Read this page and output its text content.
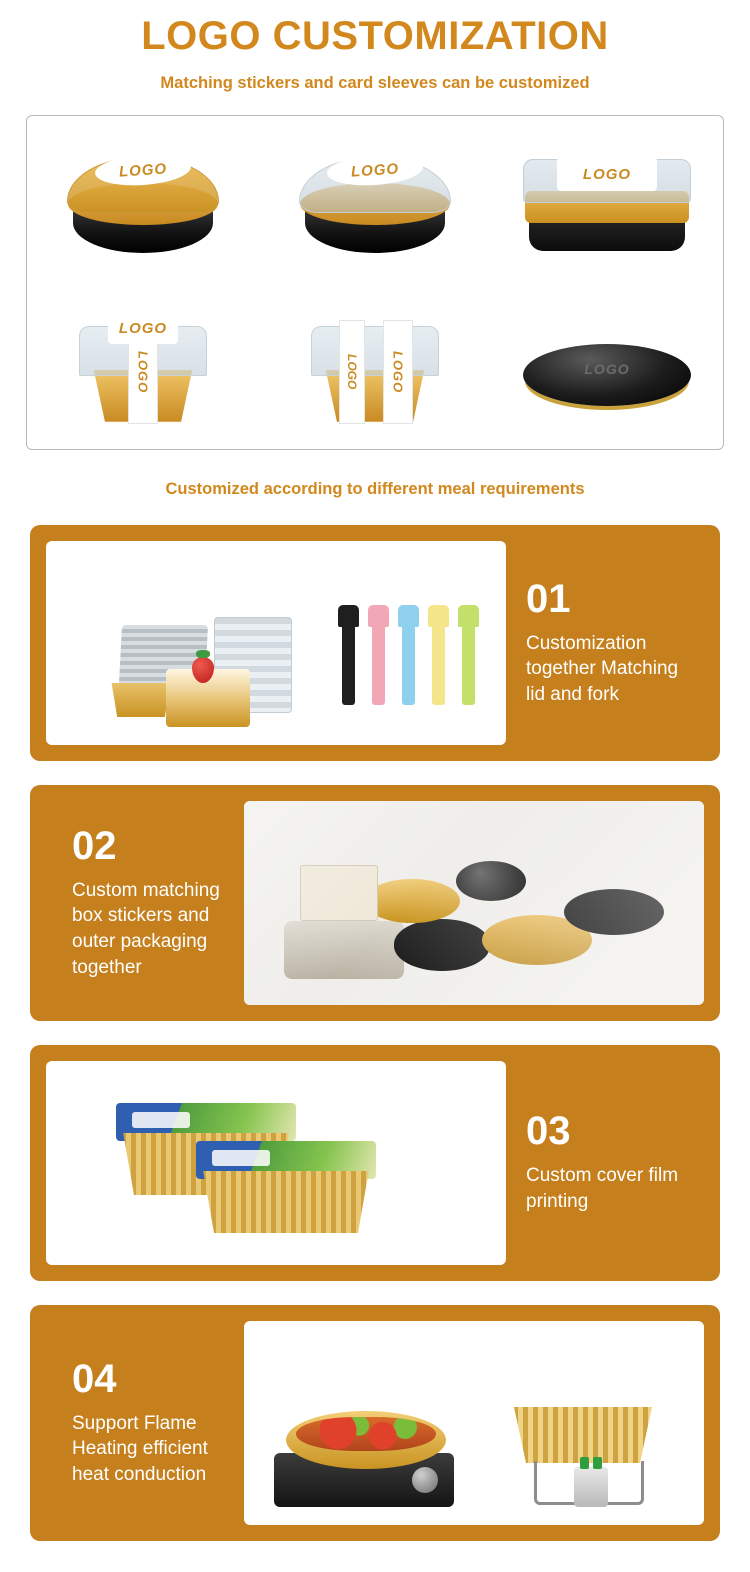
LOGO CUSTOMIZATION
Matching stickers and card sleeves can be customized
LOGO	LOGO	LOGO
LOGO
LOGO
LOGO LOGO	LOGO
Customized according to different meal requirements
01
Customization together Matching lid and fork
02
Custom matching box stickers and outer packaging together
03
Custom cover film printing
04
Support Flame Heating efficient heat conduction
